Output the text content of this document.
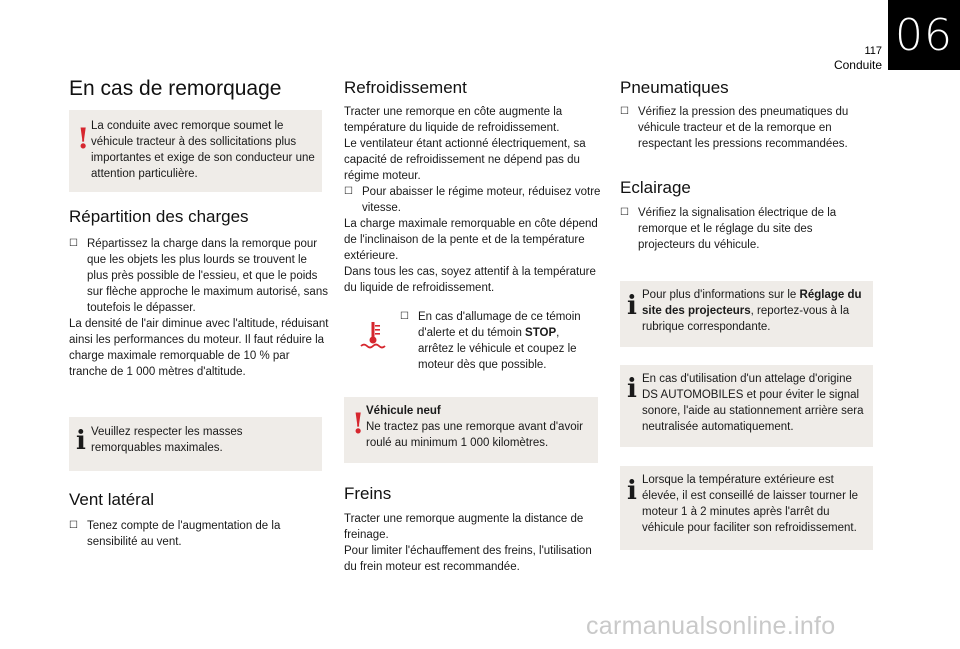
06
117
Conduite
En cas de remorquage
! La conduite avec remorque soumet le véhicule tracteur à des sollicitations plus importantes et exige de son conducteur une attention particulière.
Répartition des charges
☐ Répartissez la charge dans la remorque pour que les objets les plus lourds se trouvent le plus près possible de l'essieu, et que le poids sur flèche approche le maximum autorisé, sans toutefois le dépasser.

La densité de l'air diminue avec l'altitude, réduisant ainsi les performances du moteur. Il faut réduire la charge maximale remorquable de 10 % par tranche de 1 000 mètres d'altitude.

i Veuillez respecter les masses remorquables maximales.
Vent latéral
☐ Tenez compte de l'augmentation de la sensibilité au vent.
Refroidissement

Tracter une remorque en côte augmente la température du liquide de refroidissement.

Le ventilateur étant actionné électriquement, sa capacité de refroidissement ne dépend pas du régime moteur.

☐ Pour abaisser le régime moteur, réduisez votre vitesse.

La charge maximale remorquable en côte dépend de l'inclinaison de la pente et de la température extérieure.

Dans tous les cas, soyez attentif à la température du liquide de refroidissement.

☐ En cas d'allumage de ce témoin d'alerte et du témoin STOP, arrêtez le véhicule et coupez le moteur dès que possible.
! Véhicule neuf

Ne tractez pas une remorque avant d'avoir roulé au minimum 1 000 kilomètres.

Freins

Tracter une remorque augmente la distance de freinage.

Pour limiter l'échauffement des freins, l'utilisation du frein moteur est recommandée.

Pneumatiques
☐ Vérifiez la pression des pneumatiques du véhicule tracteur et de la remorque en respectant les pressions recommandées.
Eclairage
☐ Vérifiez la signalisation électrique de la remorque et le réglage du site des projecteurs du véhicule.
i Pour plus d'informations sur le Réglage du site des projecteurs, reportez-vous à la rubrique correspondante.
i En cas d'utilisation d'un attelage d'origine DS AUTOMOBILES et pour éviter le signal sonore, l'aide au stationnement arrière sera neutralisée automatiquement.
i Lorsque la température extérieure est élevée, il est conseillé de laisser tourner le moteur 1 à 2 minutes après l'arrêt du véhicule pour faciliter son refroidissement.
carmanualsonline.info
